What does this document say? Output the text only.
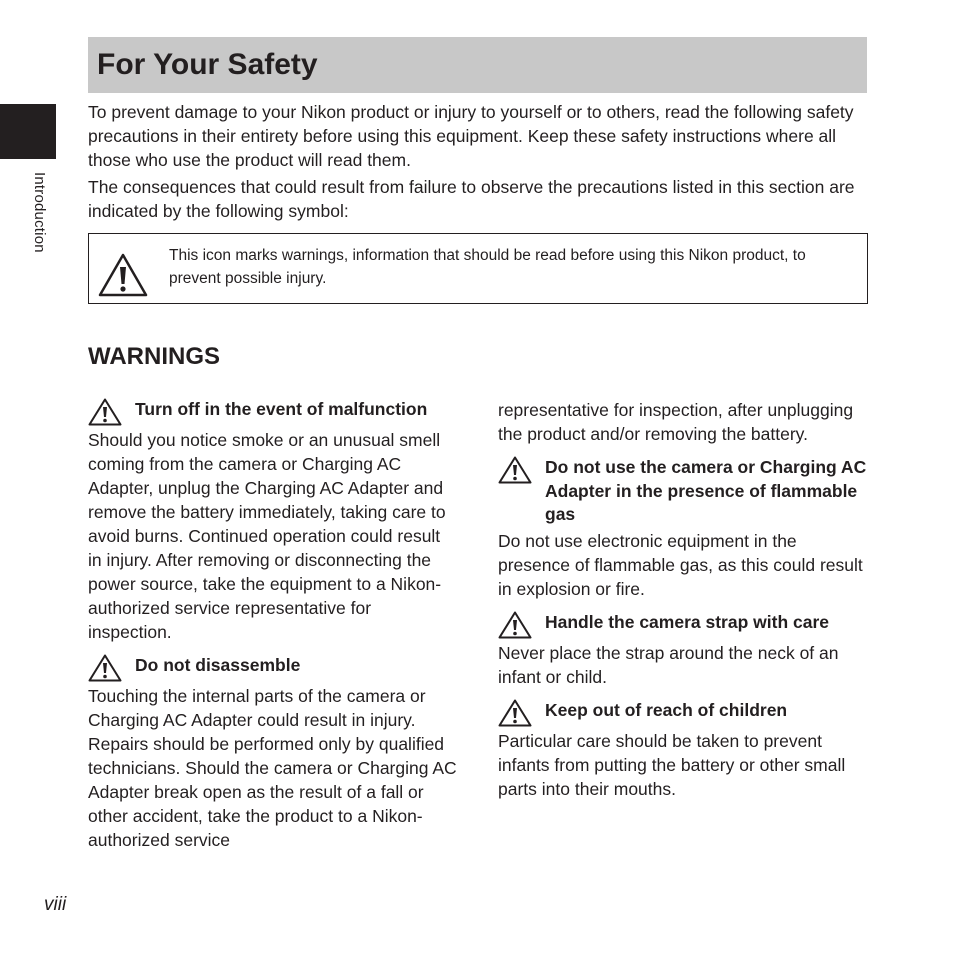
Introduction
For Your Safety

To prevent damage to your Nikon product or injury to yourself or to others, read the following safety precautions in their entirety before using this equipment. Keep these safety instructions where all those who use the product will read them.

The consequences that could result from failure to observe the precautions listed in this section are indicated by the following symbol:

This icon marks warnings, information that should be read before using this Nikon product, to prevent possible injury.

WARNINGS
Turn off in the event of malfunction

Should you notice smoke or an unusual smell coming from the camera or Charging AC Adapter, unplug the Charging AC Adapter and remove the battery immediately, taking care to avoid burns. Continued operation could result in injury. After removing or disconnecting the power source, take the equipment to a Nikon-authorized service representative for inspection.

Do not disassemble

Touching the internal parts of the camera or Charging AC Adapter could result in injury. Repairs should be performed only by qualified technicians. Should the camera or Charging AC Adapter break open as the result of a fall or other accident, take the product to a Nikon-authorized service

representative for inspection, after unplugging the product and/or removing the battery.

Do not use the camera or Charging AC Adapter in the presence of flammable gas

Do not use electronic equipment in the presence of flammable gas, as this could result in explosion or fire.

Handle the camera strap with care

Never place the strap around the neck of an infant or child.

Keep out of reach of children

Particular care should be taken to prevent infants from putting the battery or other small parts into their mouths.

viii
